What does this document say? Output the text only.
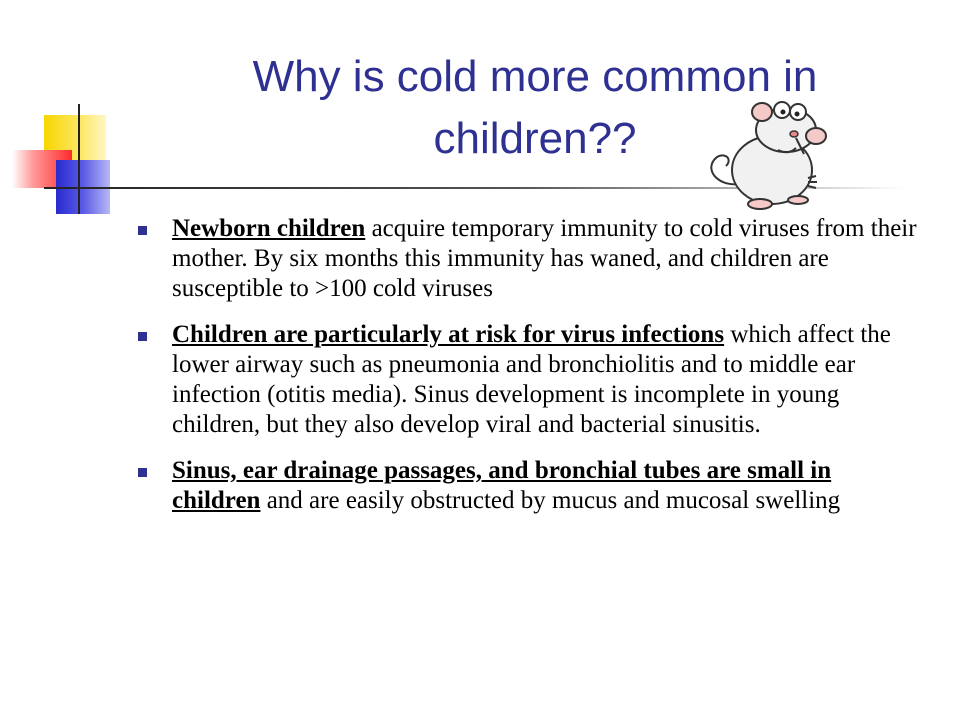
Why is cold more common in children??
Newborn children acquire temporary immunity to cold viruses from their mother. By six months this immunity has waned, and children are susceptible to >100 cold viruses
Children are particularly at risk for virus infections which affect the lower airway such as pneumonia and bronchiolitis and to middle ear infection (otitis media). Sinus development is incomplete in young children, but they also develop viral and bacterial sinusitis.
Sinus, ear drainage passages, and bronchial tubes are small in children and are easily obstructed by mucus and mucosal swelling
